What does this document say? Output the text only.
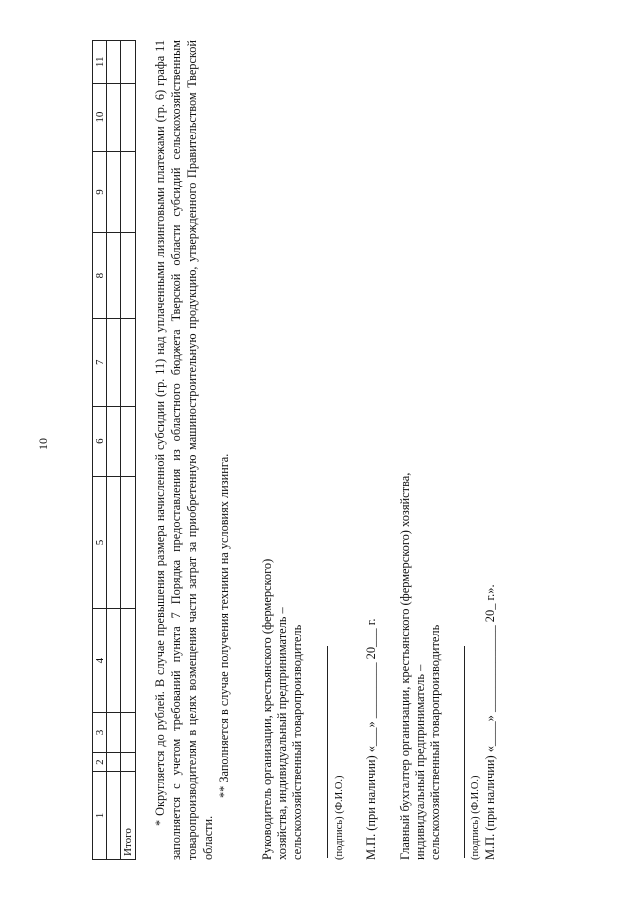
10
1	2	3	4	5	6	7	8	9	10	11

Итого										

* Округляется до рублей. В случае превышения размера начисленной субсидии (гр. 11) над уплаченными лизинговыми платежами (гр. 6) графа 11 заполняется с учетом требований пункта 7 Порядка предоставления из областного бюджета Тверской области субсидий сельскохозяйственным товаропроизводителям в целях возмещения части затрат за приобретенную машиностроительную продукцию, утвержденного Правительством Тверской области.

** Заполняется в случае получения техники на условиях лизинга.

Руководитель организации, крестьянского (фермерского)
хозяйства, индивидуальный предприниматель –
сельскохозяйственный товаропроизводитель
(подпись) (Ф.И.О.) М.П. (при наличии) «___» _________ 20___ г. Главный бухгалтер организации, крестьянского (фермерского) хозяйства,
индивидуальный предприниматель –
сельскохозяйственный товаропроизводитель
(подпись) (Ф.И.О.) М.П. (при наличии) «____» ______________ 20_ г.».
